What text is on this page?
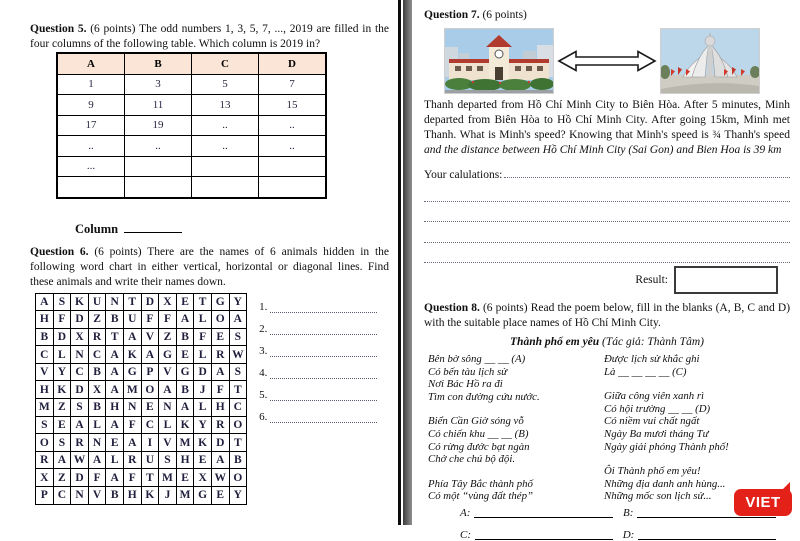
Question 5. (6 points) The odd numbers 1, 3, 5, 7, ..., 2019 are filled in the four columns of the following table. Which column is 2019 in?

A	B	C	D
1	3	5	7
9	11	13	15
17	19	..	..
..	..	..	..
...			

Column

Question 6. (6 points) There are the names of 6 animals hidden in the following word chart in either vertical, horizontal or diagonal lines. Find these animals and write their names down.

A	S	K	U	N	T	D	X	E	T	G	Y
H	F	D	Z	B	U	F	F	A	L	O	A
B	D	X	R	T	A	V	Z	B	F	E	S
C	L	N	C	A	K	A	G	E	L	R	W
V	Y	C	B	A	G	P	V	G	D	A	S
H	K	D	X	A	M	O	A	B	J	F	T
M	Z	S	B	H	N	E	N	A	L	H	C
S	E	A	L	A	F	C	L	K	Y	R	O
O	S	R	N	E	A	I	V	M	K	D	T
R	A	W	A	L	R	U	S	H	E	A	B
X	Z	D	F	A	F	T	M	E	X	W	O
P	C	N	V	B	H	K	J	M	G	E	Y
1.
2.
3.
4.
5.
6.

Question 7. (6 points)

Thanh departed from Hồ Chí Minh City to Biên Hòa. After 5 minutes, Minh departed from Biên Hòa to Hồ Chí Minh City. After going 15km, Minh met Thanh. What is Minh's speed? Knowing that Minh's speed is ¾ Thanh's speed and the distance between Hồ Chí Minh City (Sai Gon) and Bien Hoa is 39 km

Your calulations:
Result:

Question 8. (6 points) Read the poem below, fill in the blanks (A, B, C and D) with the suitable place names of Hồ Chí Minh City.

Thành phố em yêu (Tác giả: Thành Tâm)
Bên bờ sông __ __ (A)
Có bến tàu lịch sử
Nơi Bác Hồ ra đi
Tìm con đường cứu nước.
Biển Cần Giờ sóng vỗ
Có chiến khu __ __ (B)
Có rừng đước bạt ngàn
Chở che chú bộ đội.
Phía Tây Bắc thành phố
Có một “vùng đất thép”
Được lịch sử khắc ghi
Là __ __ __ __ (C)
Giữa công viên xanh rì
Có hội trường __ __ (D)
Có niềm vui chất ngất
Ngày Ba mươi tháng Tư
Ngày giải phóng Thành phố!
Ôi Thành phố em yêu!
Những địa danh anh hùng...
Những mốc son lịch sử...
A:	B:
C:	D:
VIET
